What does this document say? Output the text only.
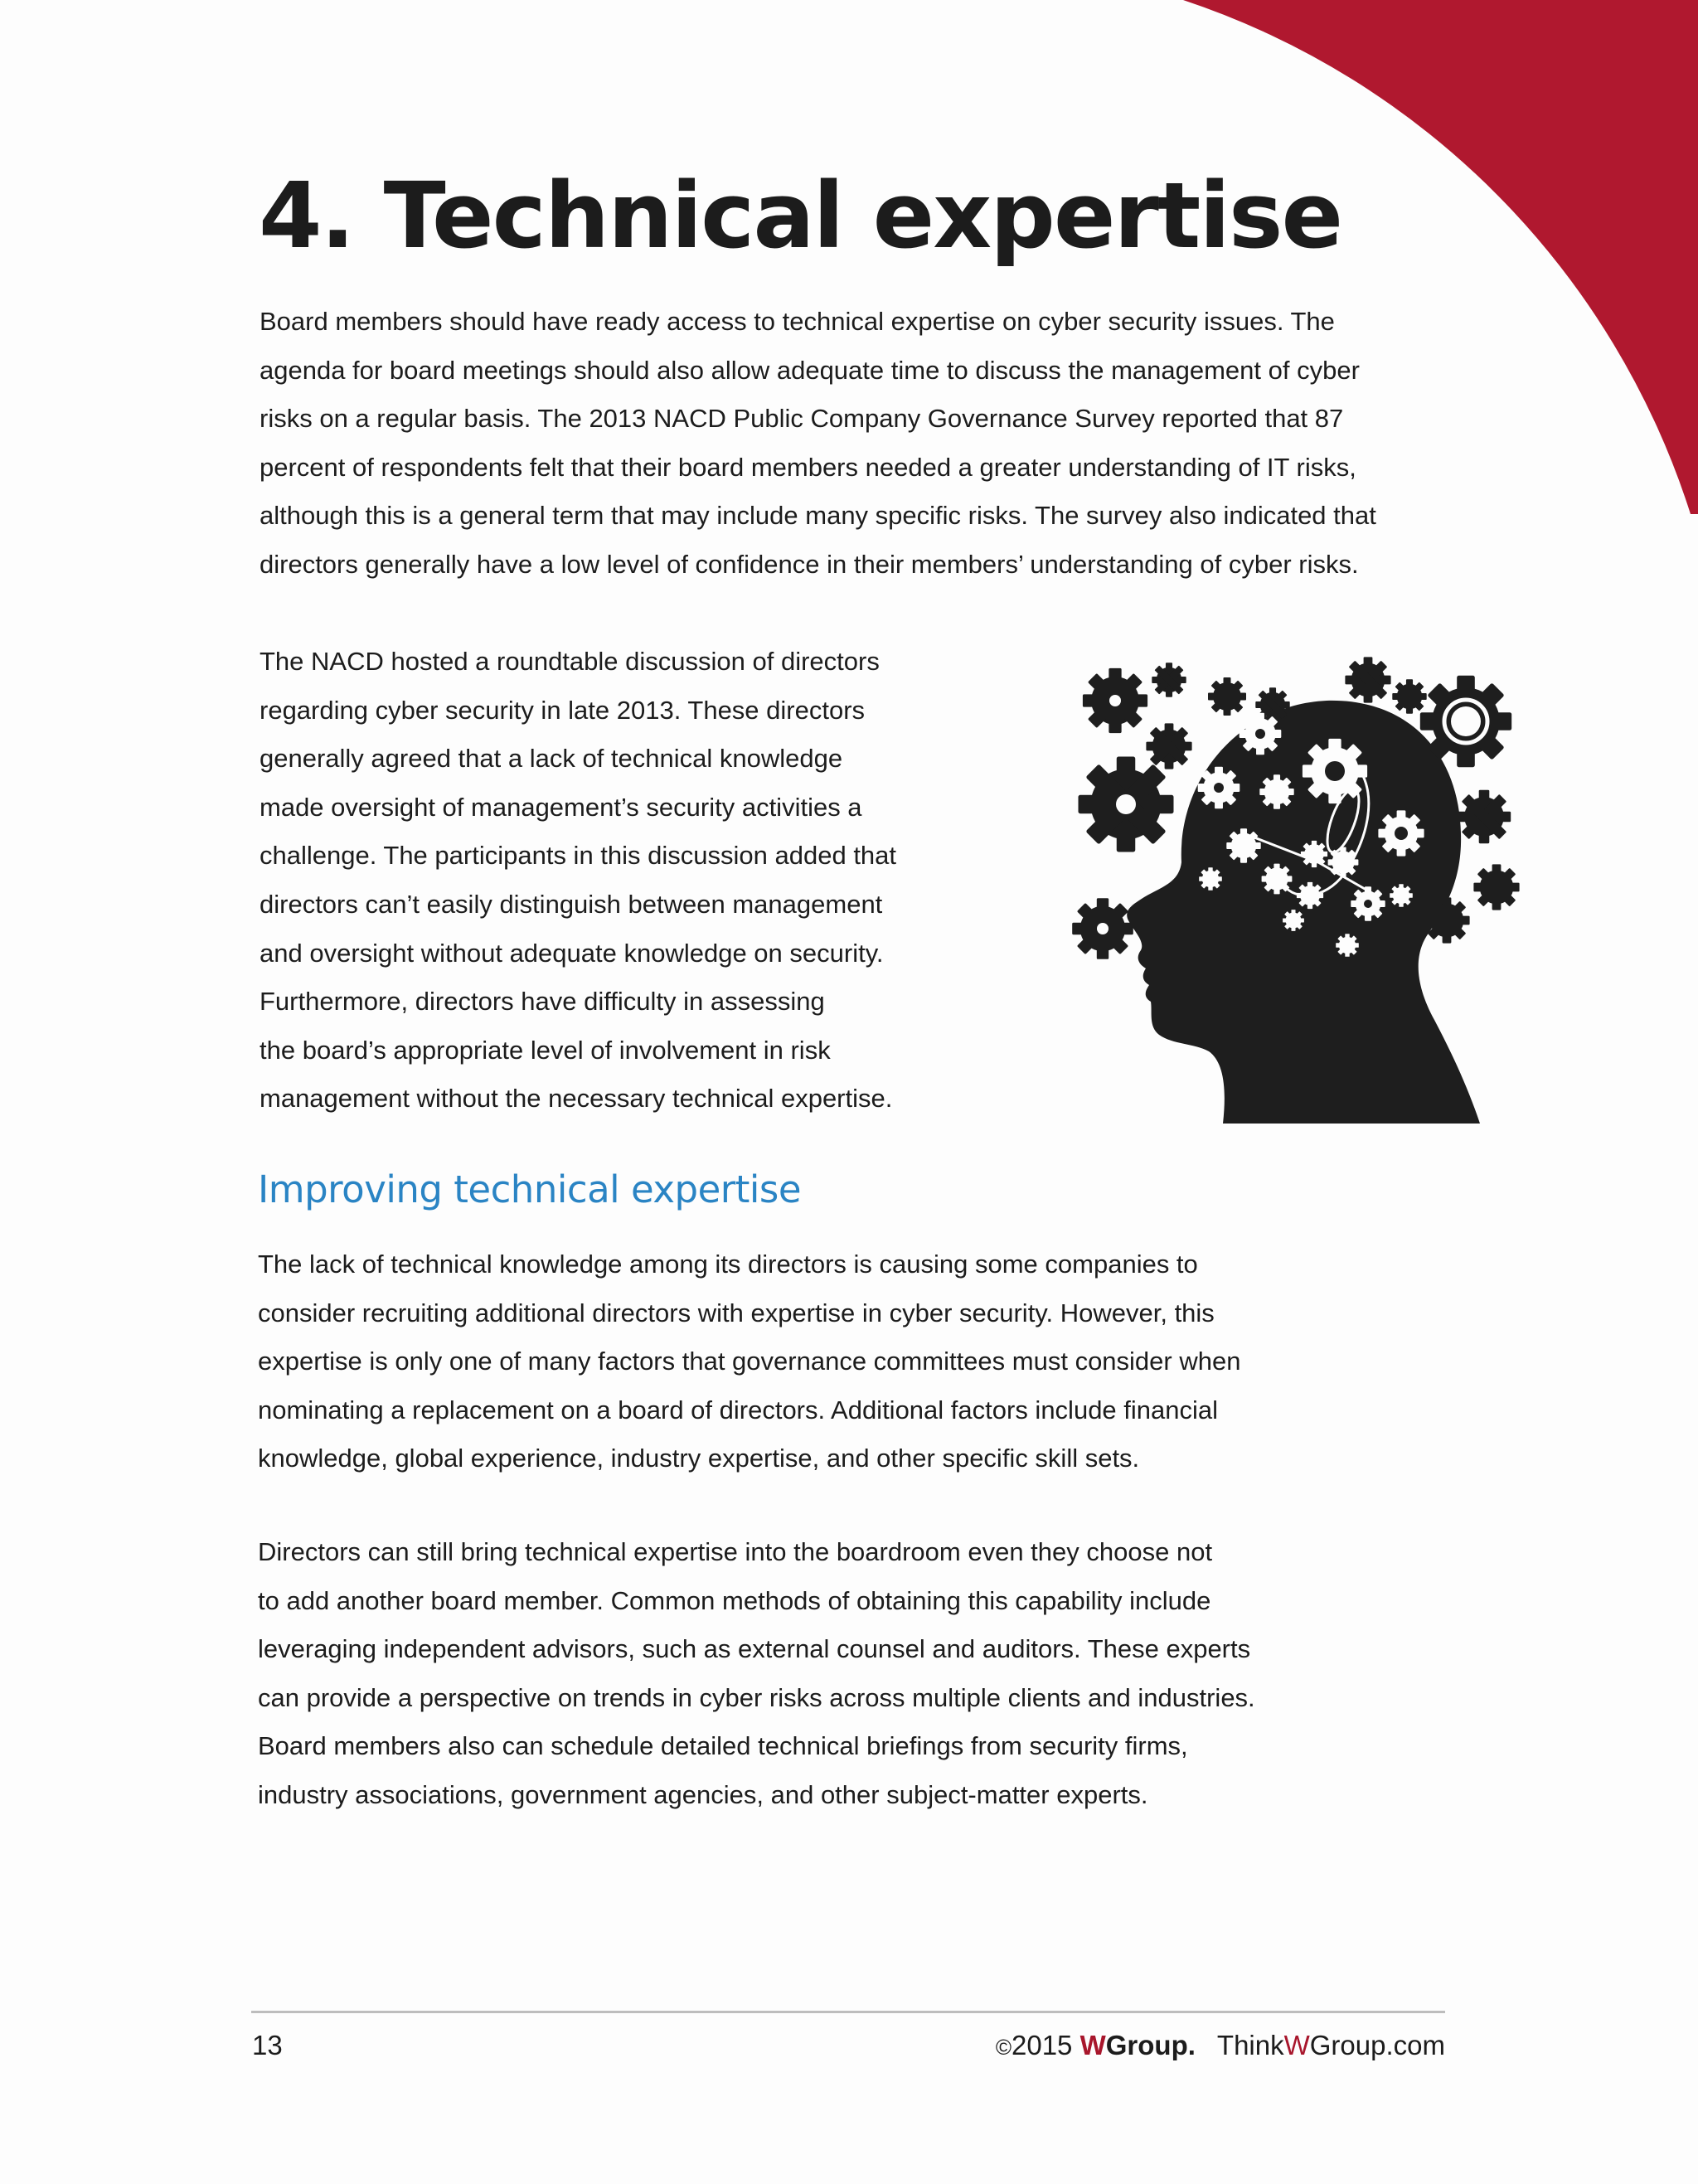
4. Technical expertise

Board members should have ready access to technical expertise on cyber security issues. The
agenda for board meetings should also allow adequate time to discuss the management of cyber
risks on a regular basis. The 2013 NACD Public Company Governance Survey reported that 87
percent of respondents felt that their board members needed a greater understanding of IT risks,
although this is a general term that may include many specific risks. The survey also indicated that
directors generally have a low level of confidence in their members’ understanding of cyber risks.

The NACD hosted a roundtable discussion of directors
regarding cyber security in late 2013. These directors
generally agreed that a lack of technical knowledge
made oversight of management’s security activities a
challenge. The participants in this discussion added that
directors can’t easily distinguish between management
and oversight without adequate knowledge on security.
Furthermore, directors have difficulty in assessing
the board’s appropriate level of involvement in risk
management without the necessary technical expertise.

Improving technical expertise

The lack of technical knowledge among its directors is causing some companies to
consider recruiting additional directors with expertise in cyber security. However, this
expertise is only one of many factors that governance committees must consider when
nominating a replacement on a board of directors. Additional factors include financial
knowledge, global experience, industry expertise, and other specific skill sets.

Directors can still bring technical expertise into the boardroom even they choose not
to add another board member. Common methods of obtaining this capability include
leveraging independent advisors, such as external counsel and auditors. These experts
can provide a perspective on trends in cyber risks across multiple clients and industries.
Board members also can schedule detailed technical briefings from security firms,
industry associations, government agencies, and other subject-matter experts.

13	©2015 WGroup. ThinkWGroup.com
